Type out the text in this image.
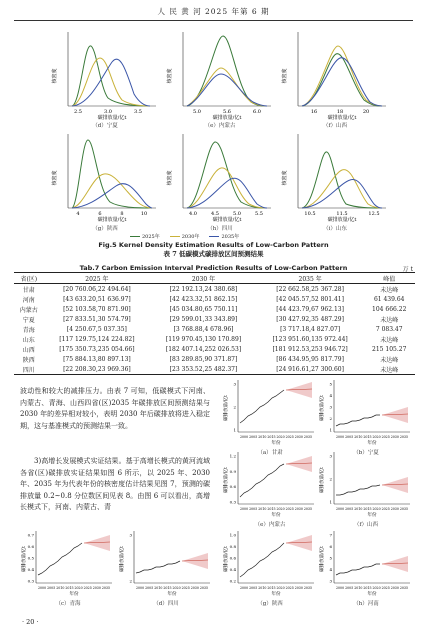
人 民 黄 河 2025 年第 6 期
核密度
2.5	3.0	3.5
碳排放量/亿t
（d）宁夏
核密度
5.0	5.6	6.0
碳排放量/亿t
（e）内蒙古
核密度
16	18	20
碳排放量/亿t
（f）山西
核密度
4	6	8	10
碳排放量/亿t
（g）陕西
核密度
4.0	4.5	5.0	5.5
碳排放量/亿t
（h）四川
核密度
10.5	11.5	12.5
碳排放量/亿t
（i）山东
2025年	2030年	2035年
Fig.5 Kernel Density Estimation Results of Low-Carbon Pattern
表 7 低碳模式碳排放区间预测结果
Tab.7 Carbon Emission Interval Prediction Results of Low-Carbon Pattern	万 t
省(区)	2025 年	2030 年	2035 年	峰值
甘肃	[20 760.06,22 494.64]	[22 192.13,24 380.68]	[22 662.58,25 367.28]	未达峰
河南	[43 633.20,51 636.97]	[42 423.32,51 862.15]	[42 045.57,52 801.41]	61 439.64
内蒙古	[52 103.58,70 871.90]	[45 034.80,65 750.11]	[44 423.79,67 962.13]	104 666.22
宁夏	[27 833.51,30 574.79]	[29 599.01,33 343.89]	[30 427.92,35 487.29]	未达峰
青海	[4 250.67,5 037.35]	[3 768.88,4 678.96]	[3 717.18,4 827.07]	7 083.47
山东	[117 129.75,124 224.82]	[119 970.45,130 170.89]	[123 951.60,135 972.44]	未达峰
山西	[175 350.73,235 054.66]	[182 407.14,252 026.53]	[181 912.53,253 946.72]	215 105.27
陕西	[75 884.13,80 897.13]	[83 289.85,90 371.87]	[86 434.95,95 817.79]	未达峰
四川	[22 208.30,23 969.36]	[23 353.52,25 482.37]	[24 916.61,27 300.60]	未达峰
波动性和较大的减排压力。由表 7 可知，低碳模式下河南、内蒙古、青海、山西四省(区)2035 年碳排放区间预测结果与 2030 年的差异相对较小，表明 2030 年后碳排放将进入稳定期，这与基准模式的预测结果一致。
3)高增长发展模式实证结果。基于高增长模式的黄河流域各省(区)碳排放实证结果如图 6 所示，以 2025 年、2030 年、2035 年为代表年份的核密度估计结果见图 7，预测的碳排放量 0.2~0.8 分位数区间见表 8。由图 6 可以看出，高增长模式下，河南、内蒙古、青
碳排放量/亿t
3
2
1
2000 2005 2010 2015 2020 2025 2030 2035
年份
（a）甘肃
碳排放量/亿t
5
4
3
2
1
2000 2005 2010 2015 2020 2025 2030 2035
年份
（b）宁夏
碳排放量/亿t
0.7
0.6
0.5
0.4
0.3
2000 2005 2010 2015 2020 2025 2030 2035
年份
（c）青海
碳排放量/亿t
3
2
2000 2005 2010 2015 2020 2025 2030 2035
年份
（d）四川
碳排放量/亿t
1.2
0.9
0.6
0.3
2000 2005 2010 2015 2020 2025 2030 2035
年份
（e）内蒙古
碳排放量/亿t
3
2
1
2000 2005 2010 2015 2020 2025 2030 2035
年份
（f）山西
碳排放量/亿t
1.0
0.8
0.6
0.4
0.2
2000 2005 2010 2015 2020 2025 2030 2035
年份
（g）陕西
碳排放量/亿t
7
6
5
4
3
2000 2005 2010 2015 2020 2025 2030 2035
年份
（h）河南
· 20 ·
